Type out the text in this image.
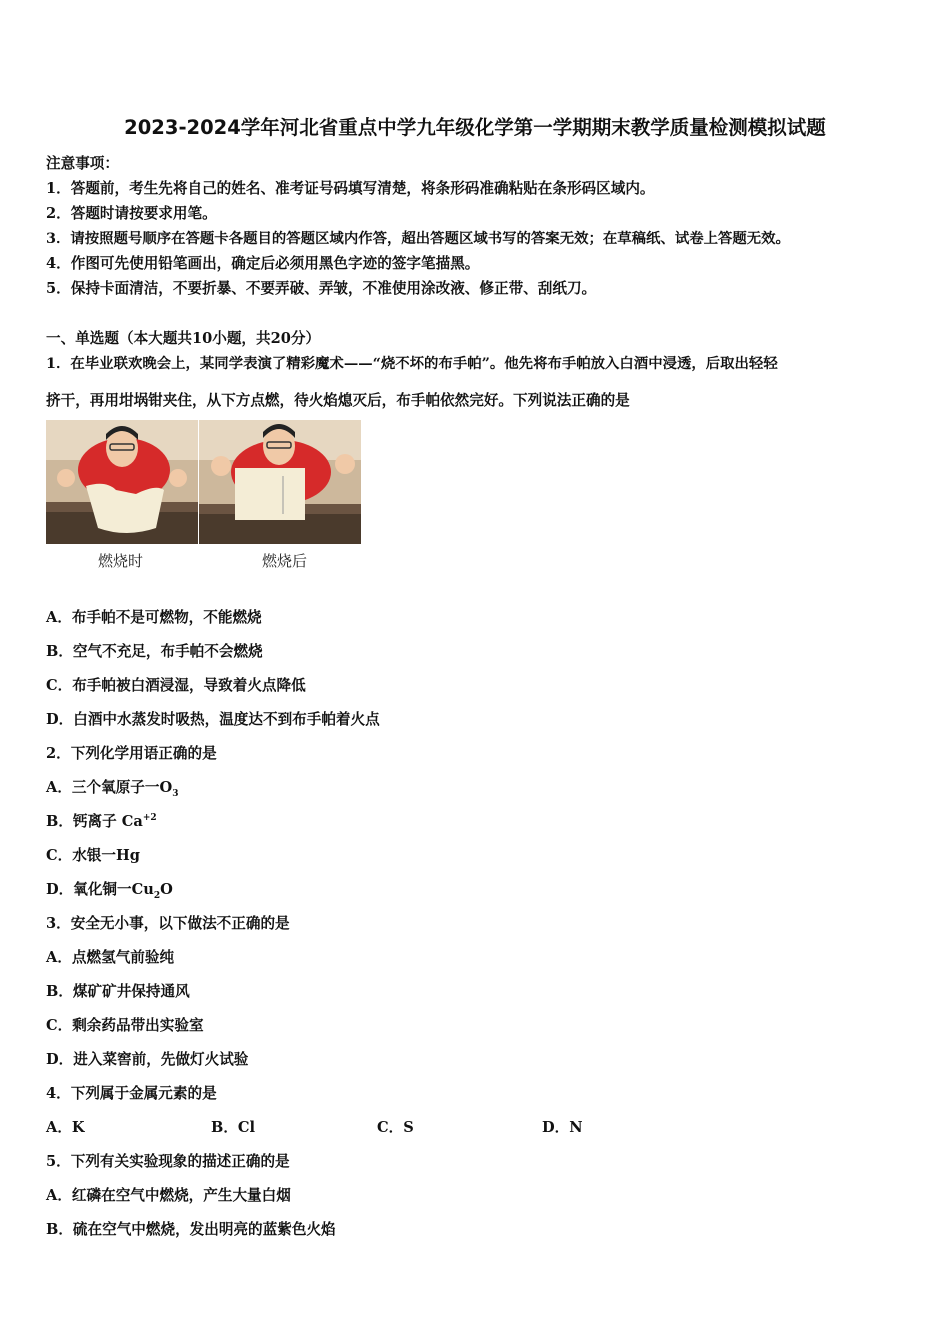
2023-2024学年河北省重点中学九年级化学第一学期期末教学质量检测模拟试题
注意事项：
1．答题前，考生先将自己的姓名、准考证号码填写清楚，将条形码准确粘贴在条形码区域内。
2．答题时请按要求用笔。
3．请按照题号顺序在答题卡各题目的答题区域内作答，超出答题区域书写的答案无效；在草稿纸、试卷上答题无效。
4．作图可先使用铅笔画出，确定后必须用黑色字迹的签字笔描黑。
5．保持卡面清洁，不要折暴、不要弄破、弄皱，不准使用涂改液、修正带、刮纸刀。
一、单选题（本大题共10小题，共20分）
1．在毕业联欢晚会上，某同学表演了精彩魔术——“烧不坏的布手帕”。他先将布手帕放入白酒中浸透，后取出轻轻
挤干，再用坩埚钳夹住，从下方点燃，待火焰熄灭后，布手帕依然完好。下列说法正确的是
燃烧时	燃烧后
A．布手帕不是可燃物，不能燃烧
B．空气不充足，布手帕不会燃烧
C．布手帕被白酒浸湿，导致着火点降低
D．白酒中水蒸发时吸热，温度达不到布手帕着火点
2．下列化学用语正确的是
A．三个氧原子一$O_3$
B．钙离子 $Ca^{+2}$
C．水银一Hg
D．氧化铜一$Cu_2O$
3．安全无小事，以下做法不正确的是
A．点燃氢气前验纯
B．煤矿矿井保持通风
C．剩余药品带出实验室
D．进入菜窖前，先做灯火试验
4．下列属于金属元素的是
A．K	B．Cl	C．S	D．N
5．下列有关实验现象的描述正确的是
A．红磷在空气中燃烧，产生大量白烟
B．硫在空气中燃烧，发出明亮的蓝紫色火焰
